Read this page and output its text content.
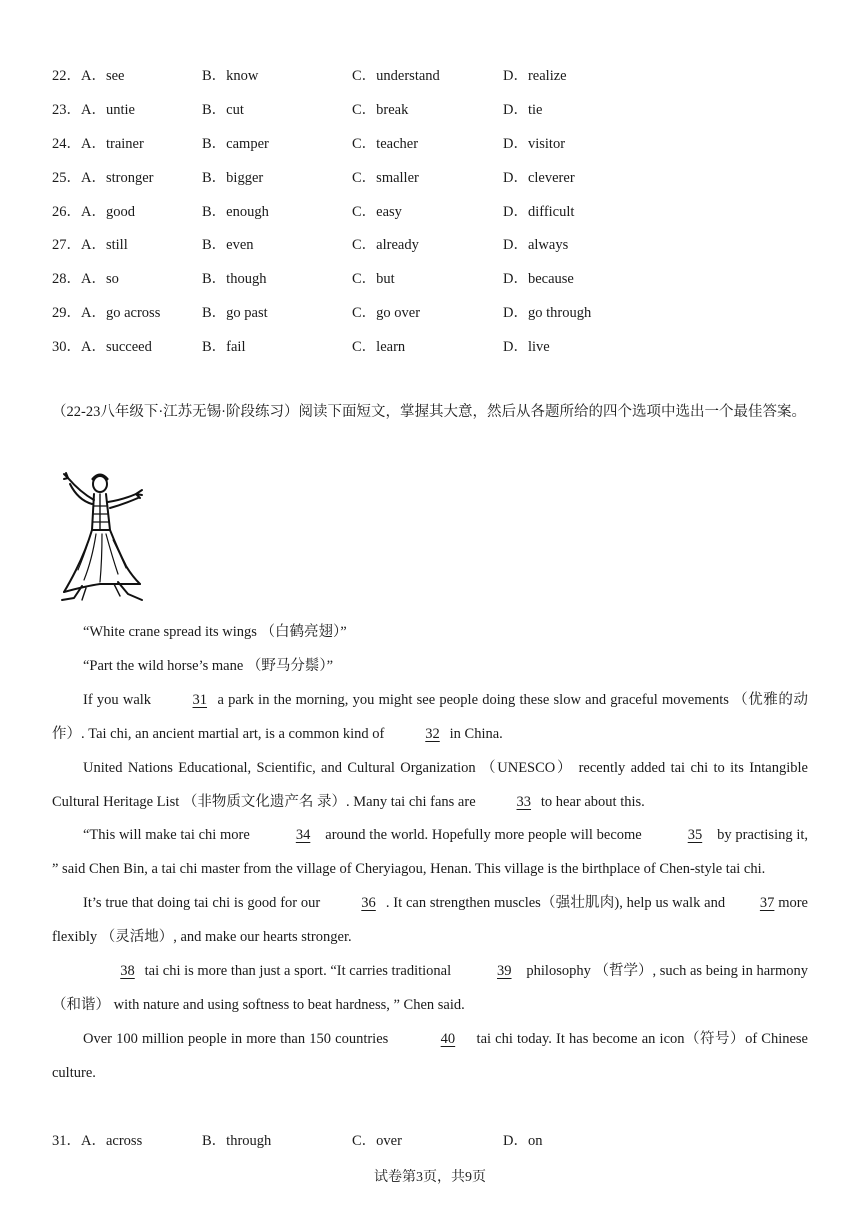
22． A．see	B．know	C．understand	D．realize
23． A．untie	B．cut	C．break	D．tie
24． A．trainer	B．camper	C．teacher	D．visitor
25． A．stronger	B．bigger	C．smaller	D．cleverer
26． A．good	B．enough	C．easy	D．difficult
27． A．still	B．even	C．already	D．always
28． A．so	B．though	C．but	D．because
29． A．go across	B．go past	C．go over	D．go through
30． A．succeed	B．fail	C．learn	D．live
（22-23八年级下·江苏无锡·阶段练习）阅读下面短文，掌握其大意，然后从各题所给的四个选项中选出一个最佳答案。

“White crane spread its wings （白鹤亮翅）”

“Part the wild horse’s mane （野马分鬃）”

If you walk	31 a park in the morning, you might see people doing these slow and graceful movements （优雅的动作）. Tai chi, an ancient martial art, is a common kind of	32 in China.

United Nations Educational, Scientific, and Cultural Organization （UNESCO） recently added tai chi to its Intangible Cultural Heritage List （非物质文化遗产名 录）. Many tai chi fans are	33 to hear about this.

“This will make tai chi more	34 around the world. Hopefully more people will become	35 by practising it, ” said Chen Bin, a tai chi master from the village of Cheryiagou, Henan. This village is the birthplace of Chen-style tai chi.

It’s true that doing tai chi is good for our	36 . It can strengthen muscles（强壮肌肉), help us walk and 37 more flexibly （灵活地）, and make our hearts stronger.

38 tai chi is more than just a sport. “It carries traditional	39 philosophy （哲学）, such as being in harmony（和谐） with nature and using softness to beat hardness, ” Chen said.

Over 100 million people in more than 150 countries	40 tai chi today. It has become an icon（符号）of Chinese culture.

31． A．across	B．through	C．over	D．on
试卷第3页，共9页
